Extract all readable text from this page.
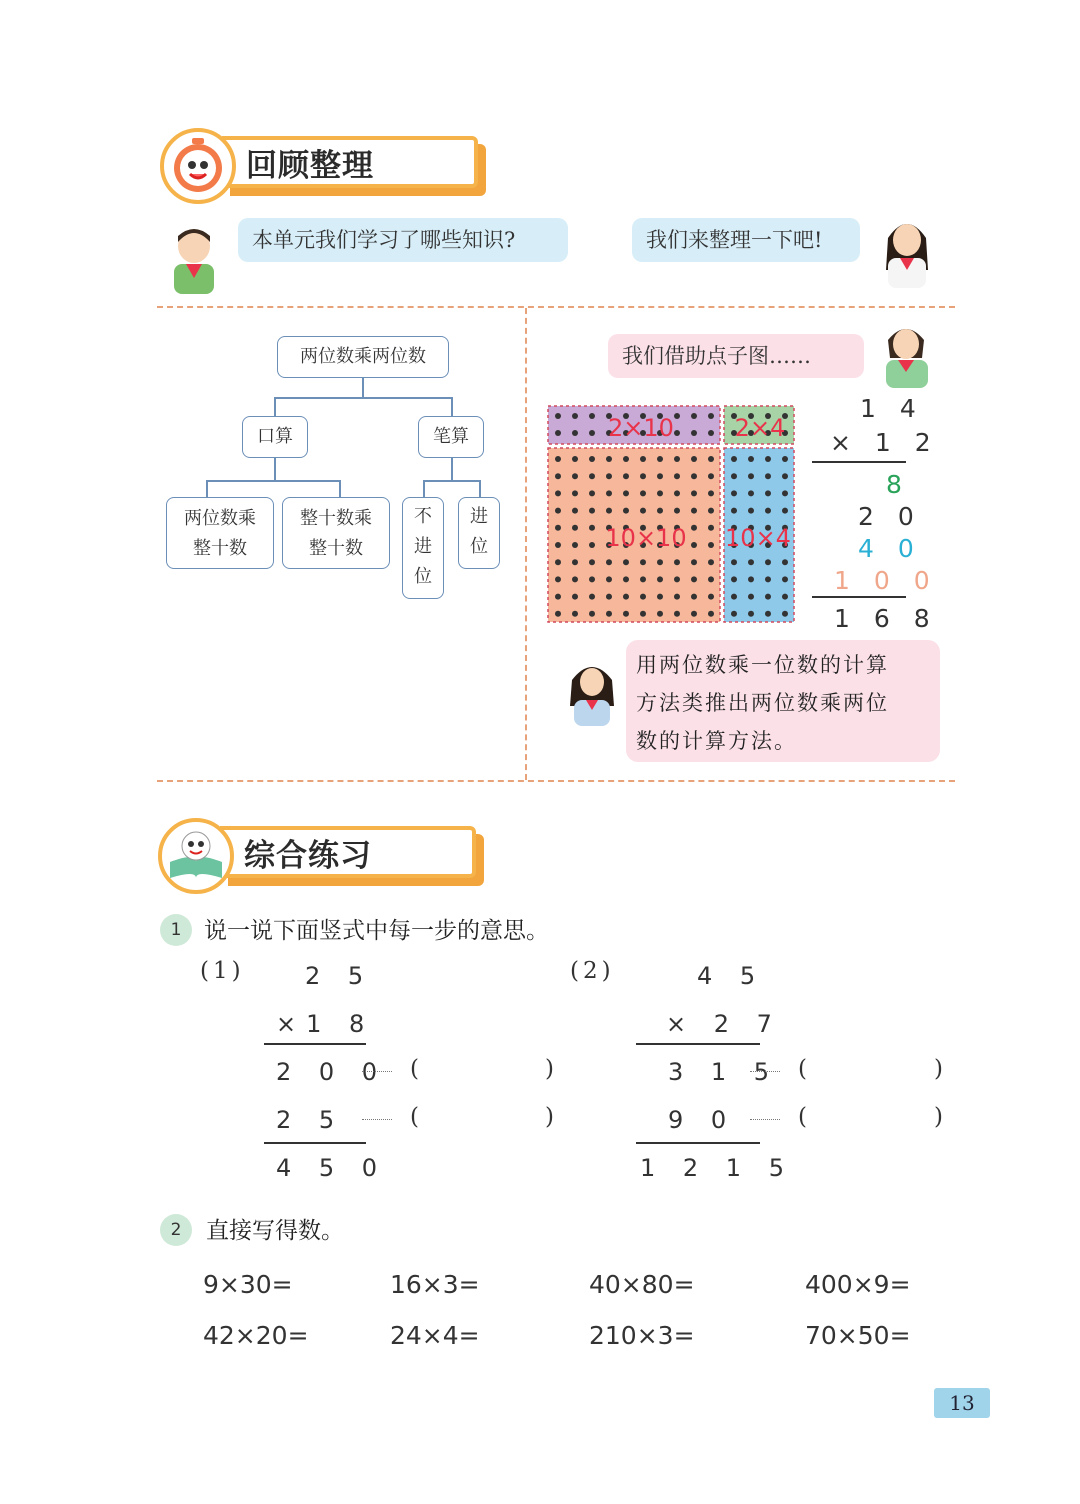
回顾整理
本单元我们学习了哪些知识?	我们来整理一下吧!
两位数乘两位数
口算	笔算
两位数乘
整十数
整十数乘
整十数
不
进
位
进
位
我们借助点子图……
2×10	2×4
10×10 10×4
1 4
× 1 2
8
2 0
4 0
1 0 0
1 6 8
用两位数乘一位数的计算
方法类推出两位数乘两位
数的计算方法。
综合练习
1 说一说下面竖式中每一步的意思。
(1)	2 5
×1 8
2 0 0 (	)
2 5	(	)
4 5 0
(2)	4 5
× 2 7
3 1 5 (	)
9 0	(	)
1 2 1 5
2	直接写得数。
9×30=	16×3=	40×80=	400×9=
42×20=	24×4=	210×3=	70×50=
13
